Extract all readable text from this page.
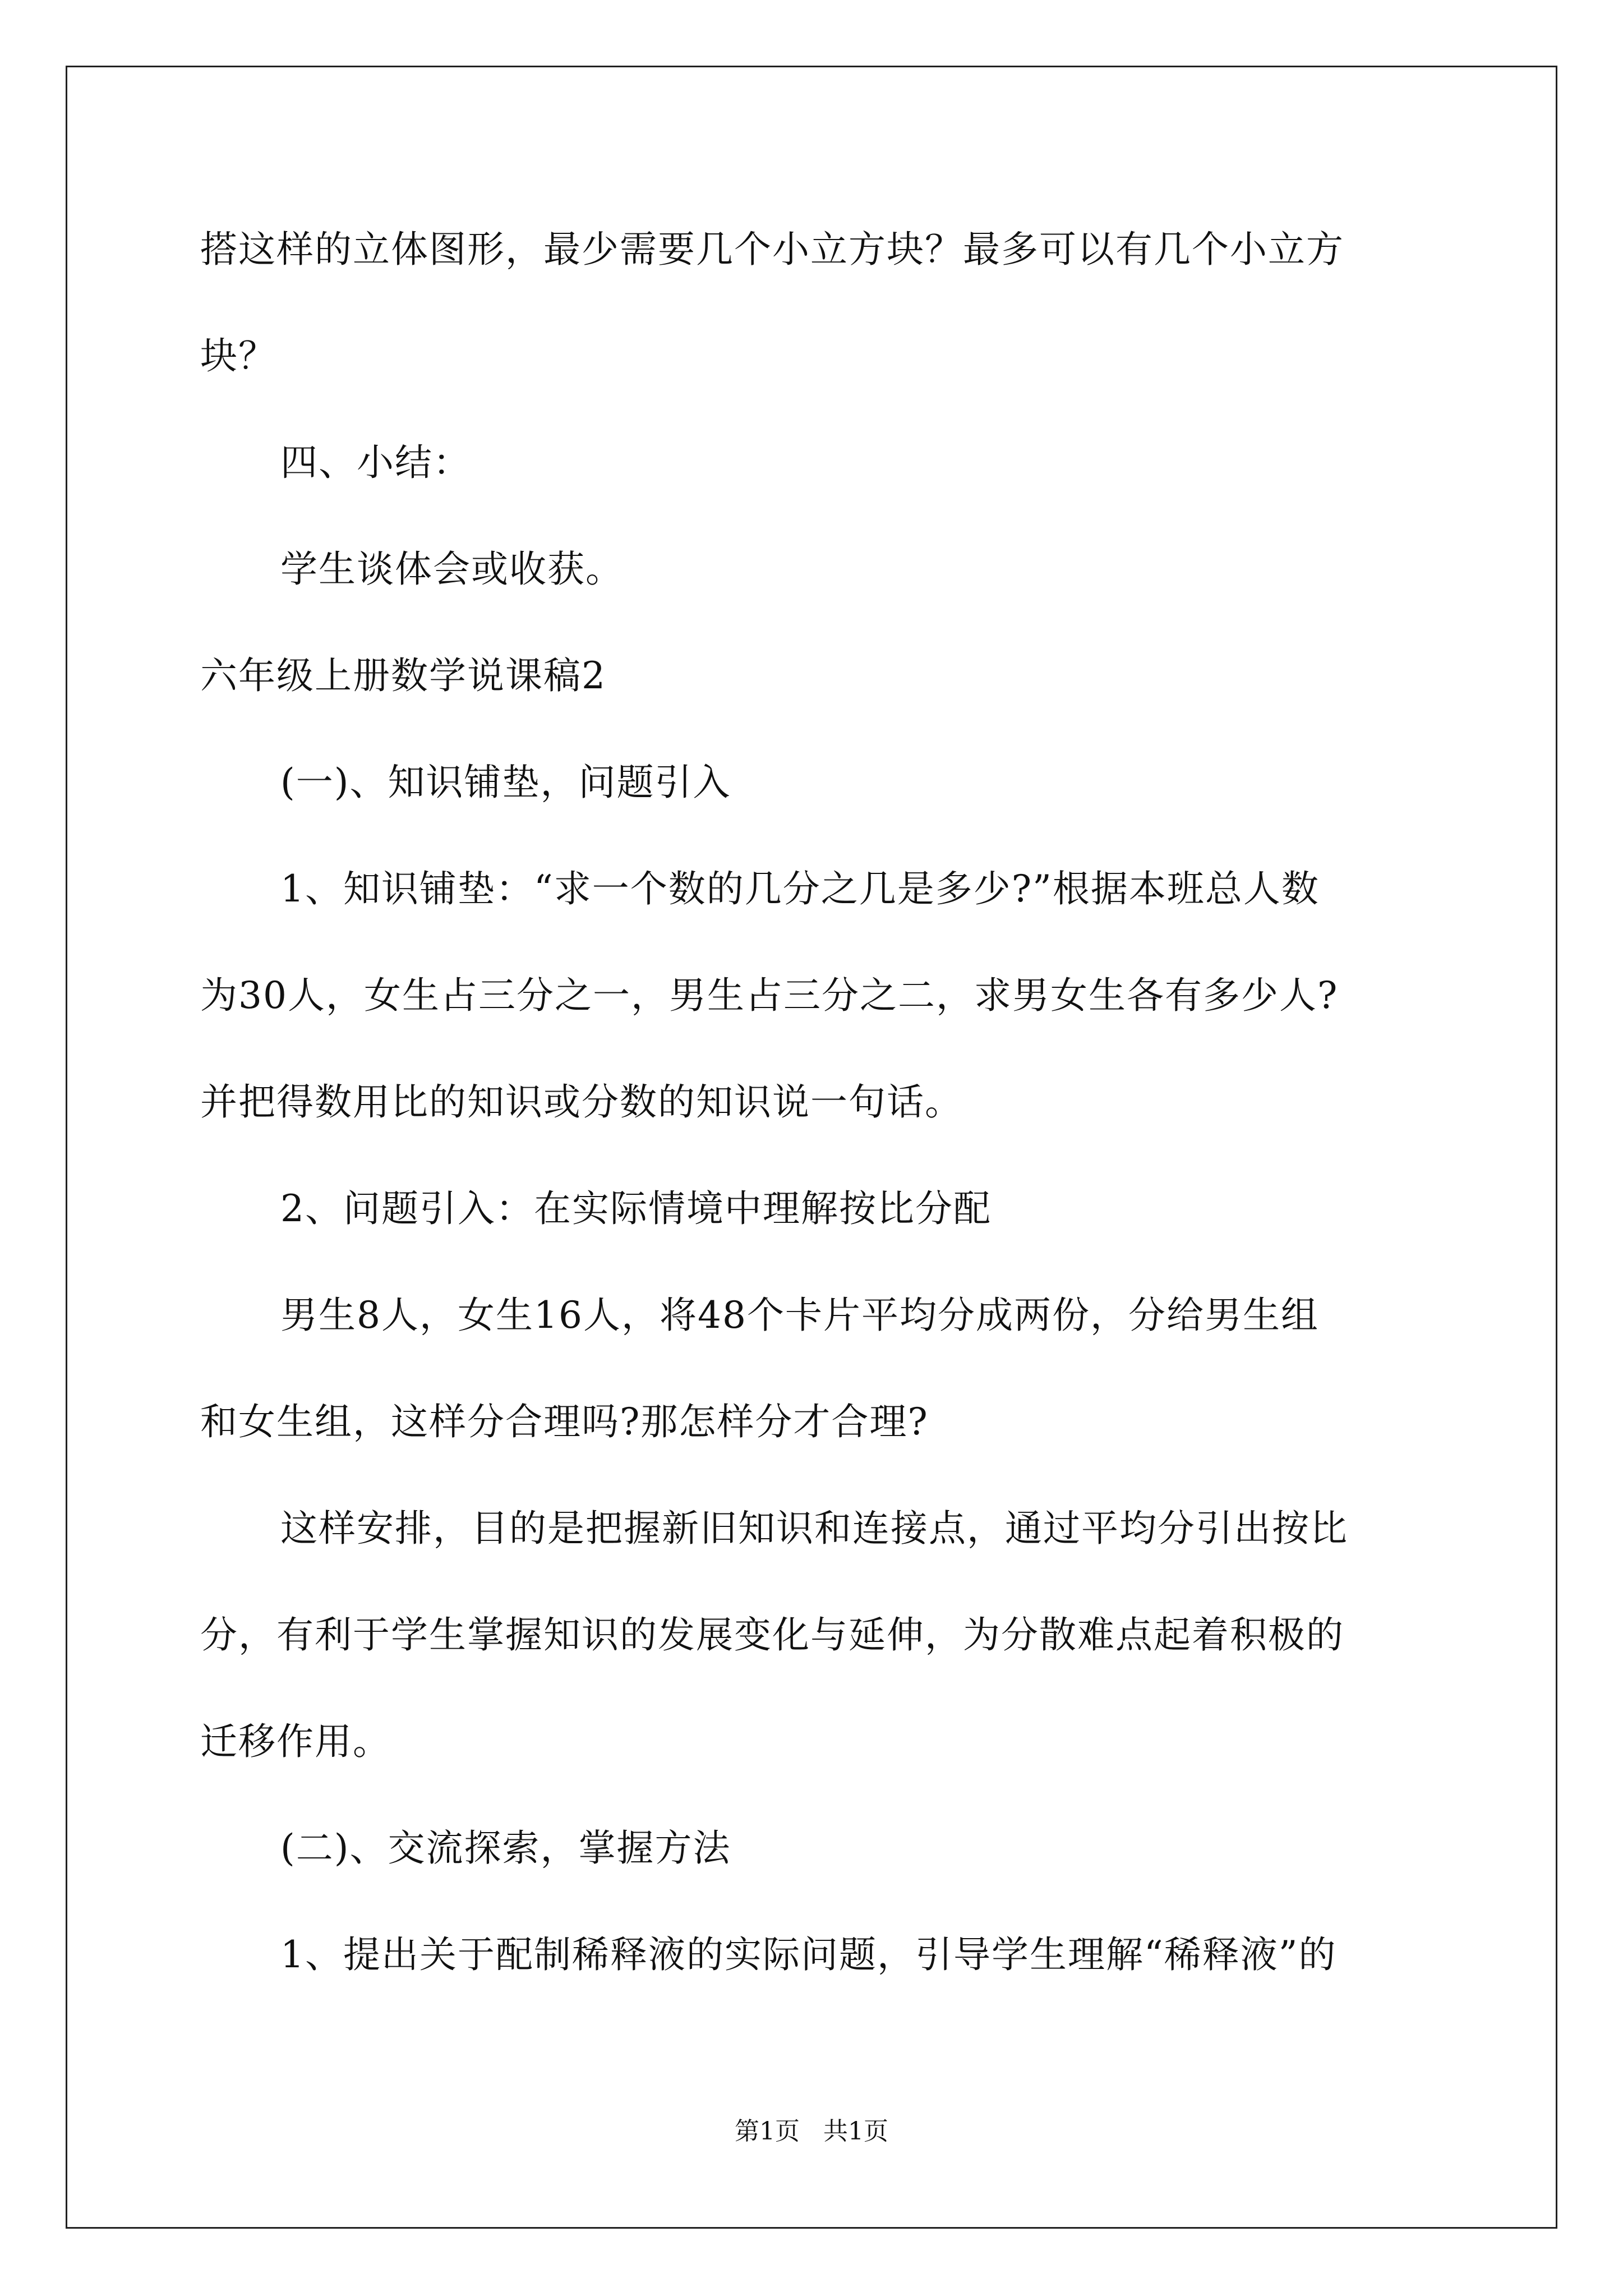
搭这样的立体图形，最少需要几个小立方块？最多可以有几个小立方
块？
四、小结：
学生谈体会或收获。
六年级上册数学说课稿2
(一)、知识铺垫，问题引入
1、知识铺垫：“求一个数的几分之几是多少?”根据本班总人数
为30人，女生占三分之一，男生占三分之二，求男女生各有多少人?
并把得数用比的知识或分数的知识说一句话。
2、问题引入：在实际情境中理解按比分配
男生8人，女生16人，将48个卡片平均分成两份，分给男生组
和女生组，这样分合理吗?那怎样分才合理?
这样安排，目的是把握新旧知识和连接点，通过平均分引出按比
分，有利于学生掌握知识的发展变化与延伸，为分散难点起着积极的
迁移作用。
(二)、交流探索，掌握方法
1、提出关于配制稀释液的实际问题，引导学生理解“稀释液”的
第1页   共1页
